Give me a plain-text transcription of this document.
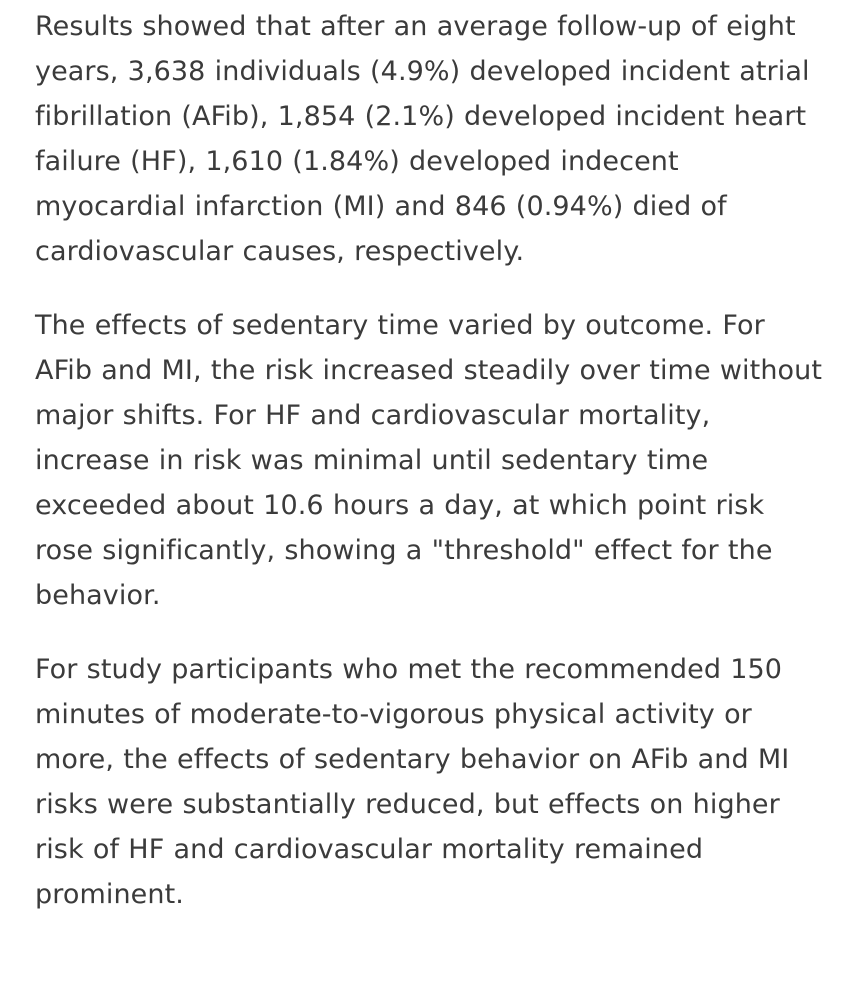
Results showed that after an average follow-up of eight years, 3,638 individuals (4.9%) developed incident atrial fibrillation (AFib), 1,854 (2.1%) developed incident heart failure (HF), 1,610 (1.84%) developed indecent myocardial infarction (MI) and 846 (0.94%) died of cardiovascular causes, respectively.

The effects of sedentary time varied by outcome. For AFib and MI, the risk increased steadily over time without major shifts. For HF and cardiovascular mortality, increase in risk was minimal until sedentary time exceeded about 10.6 hours a day, at which point risk rose significantly, showing a "threshold" effect for the behavior.

For study participants who met the recommended 150 minutes of moderate-to-vigorous physical activity or more, the effects of sedentary behavior on AFib and MI risks were substantially reduced, but effects on higher risk of HF and cardiovascular mortality remained prominent.
